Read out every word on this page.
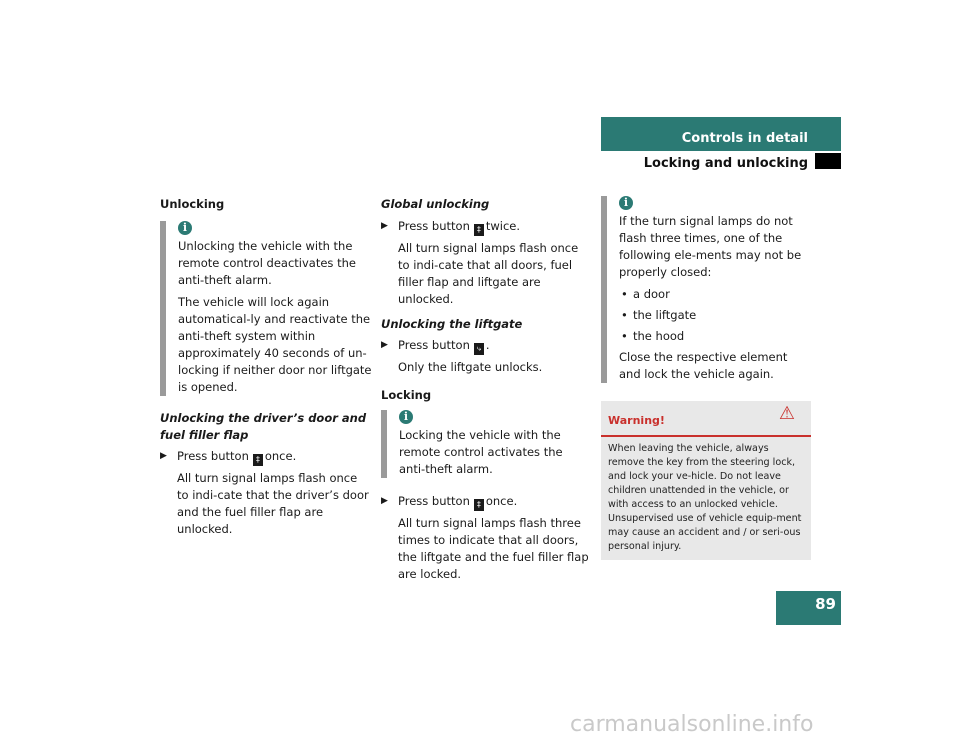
Controls in detail
Locking and unlocking

Unlocking

i

Unlocking the vehicle with the remote control deactivates the anti-theft alarm.

The vehicle will lock again automatical-ly and reactivate the anti-theft system within approximately 40 seconds of un-locking if neither door nor liftgate is opened.

Unlocking the driver’s door and fuel filler flap

▶ Press button ‡ once.

All turn signal lamps flash once to indi-cate that the driver’s door and the fuel filler flap are unlocked.

Global unlocking

▶ Press button ‡ twice.

All turn signal lamps flash once to indi-cate that all doors, fuel filler flap and liftgate are unlocked.

Unlocking the liftgate

▶ Press button ⤷ .

Only the liftgate unlocks.

Locking

i

Locking the vehicle with the remote control activates the anti-theft alarm.

▶ Press button ‡ once.

All turn signal lamps flash three times to indicate that all doors, the liftgate and the fuel filler flap are locked.

i

If the turn signal lamps do not flash three times, one of the following ele-ments may not be properly closed:

• a door
• the liftgate
• the hood

Close the respective element and lock the vehicle again.

Warning!	⚠
When leaving the vehicle, always remove the key from the steering lock, and lock your ve-hicle. Do not leave children unattended in the vehicle, or with access to an unlocked vehicle. Unsupervised use of vehicle equip-ment may cause an accident and / or seri-ous personal injury.
89
carmanualsonline.info
